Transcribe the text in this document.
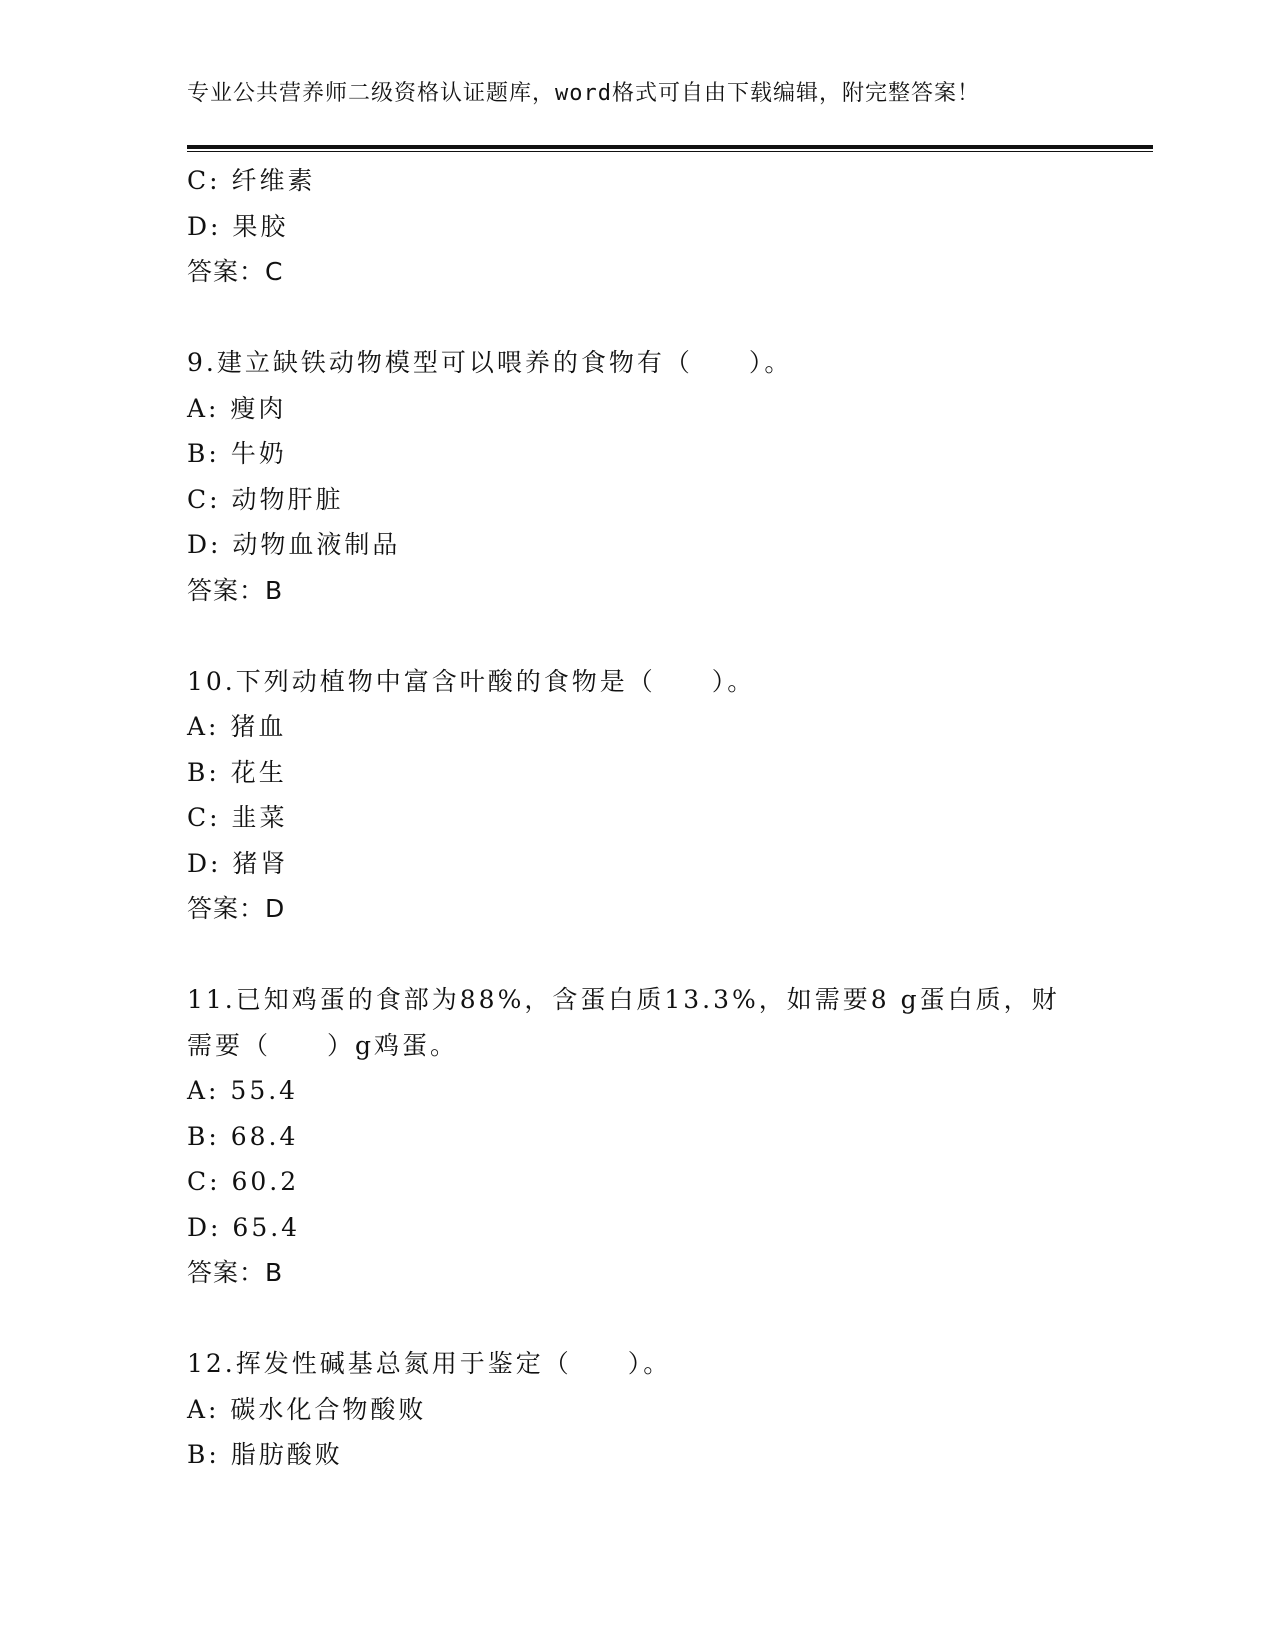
专业公共营养师二级资格认证题库，word格式可自由下载编辑，附完整答案！
C: 纤维素
D: 果胶
答案：C
9.建立缺铁动物模型可以喂养的食物有（　　）。
A: 瘦肉
B: 牛奶
C: 动物肝脏
D: 动物血液制品
答案：B
10.下列动植物中富含叶酸的食物是（　　）。
A: 猪血
B: 花生
C: 韭菜
D: 猪肾
答案：D
11.已知鸡蛋的食部为88%，含蛋白质13.3%，如需要8 g蛋白质，财
需要（　　）g鸡蛋。
A: 55.4
B: 68.4
C: 60.2
D: 65.4
答案：B
12.挥发性碱基总氮用于鉴定（　　）。
A: 碳水化合物酸败
B: 脂肪酸败
